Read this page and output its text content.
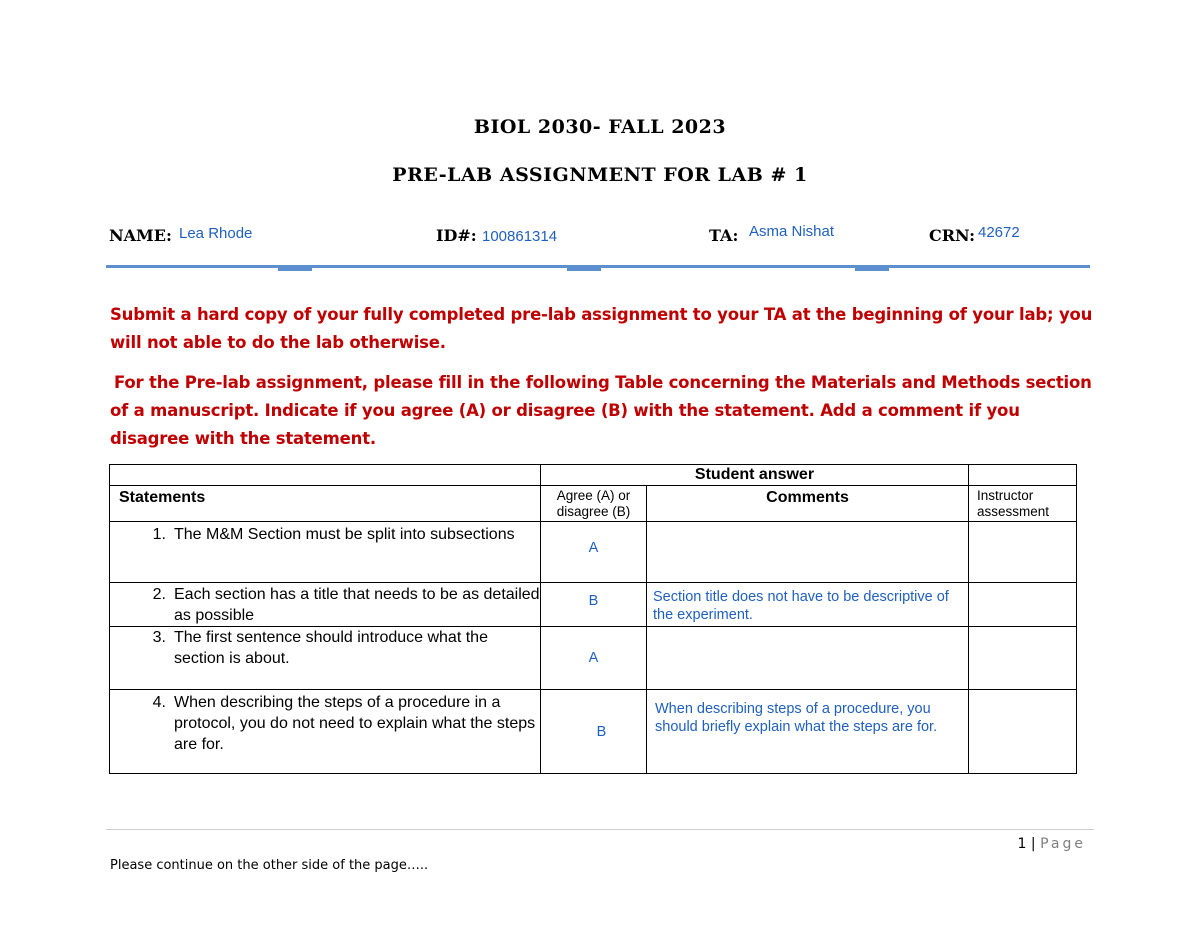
BIOL 2030- FALL 2023
PRE-LAB ASSIGNMENT FOR LAB # 1
NAME: Lea Rhode	ID#: 100861314	TA: Asma Nishat	CRN: 42672
Submit a hard copy of your fully completed pre-lab assignment to your TA at the beginning of your lab; you will not able to do the lab otherwise.
For the Pre-lab assignment, please fill in the following Table concerning the Materials and Methods section of a manuscript. Indicate if you agree (A) or disagree (B) with the statement. Add a comment if you disagree with the statement.
	Student answer		
Statements	Agree (A) or disagree (B)	Comments	Instructor assessment

1. The M&M Section must be split into subsections	A		

2. Each section has a title that needs to be as detailed as possible	B	Section title does not have to be descriptive of the experiment.	

3. The first sentence should introduce what the section is about.	A		

4. When describing the steps of a procedure in a protocol, you do not need to explain what the steps are for.	B	When describing steps of a procedure, you should briefly explain what the steps are for.	

1 | Page
Please continue on the other side of the page…..
